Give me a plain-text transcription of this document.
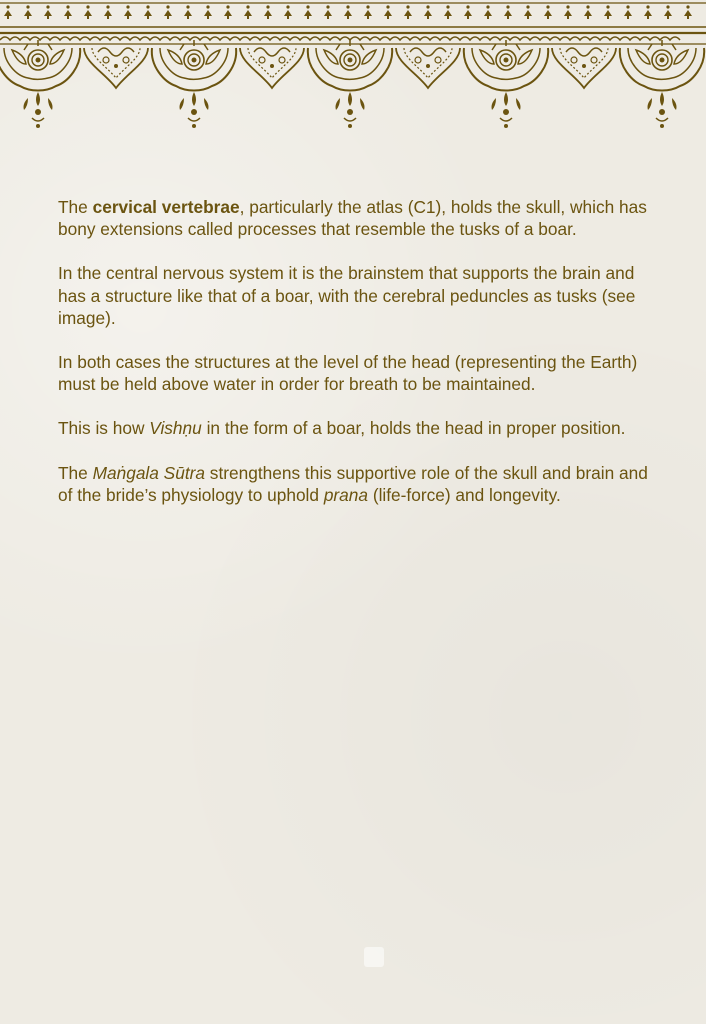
The cervical vertebrae, particularly the atlas (C1), holds the skull, which has bony extensions called processes that resemble the tusks of a boar.

In the central nervous system it is the brainstem that supports the brain and has a structure like that of a boar, with the cerebral peduncles as tusks (see image).

In both cases the structures at the level of the head (representing the Earth) must be held above water in order for breath to be maintained.

This is how Vishṇu in the form of a boar, holds the head in proper position.

The Maṅgala Sūtra strengthens this supportive role of the skull and brain and of the bride’s physiology to uphold prana (life-force) and longevity.
